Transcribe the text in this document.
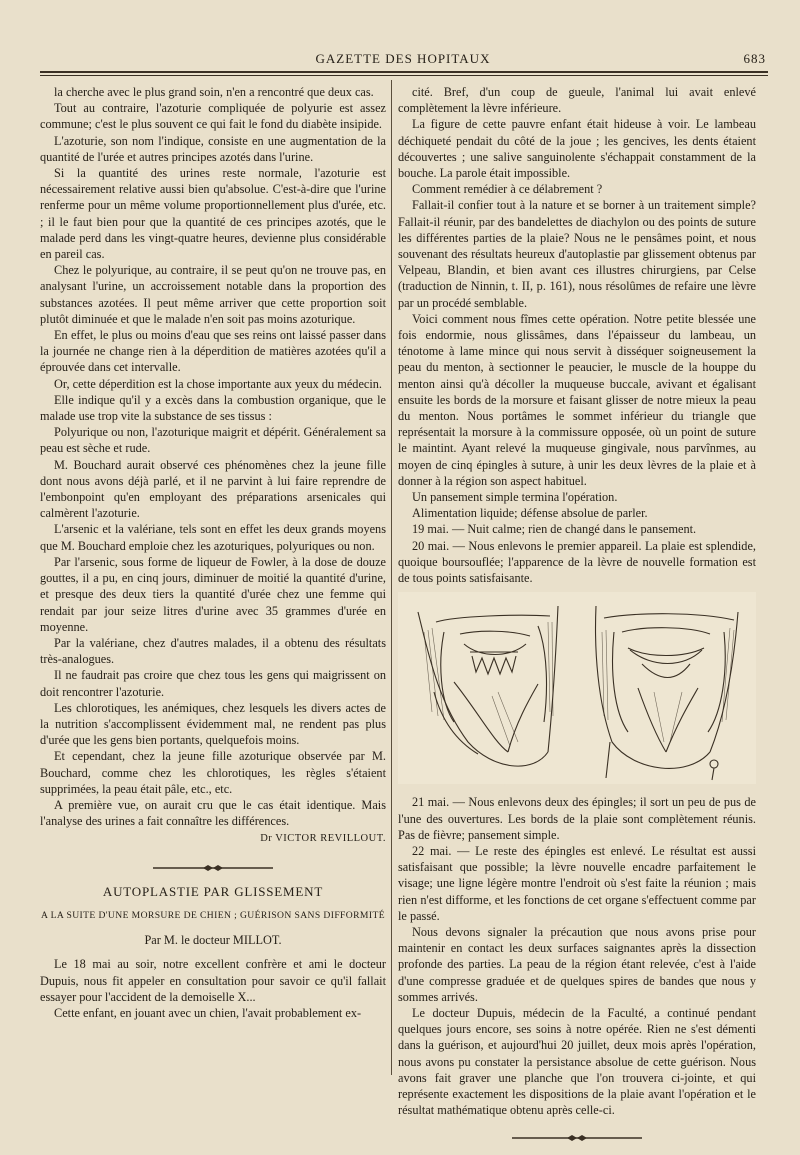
GAZETTE DES HOPITAUX	683

la cherche avec le plus grand soin, n'en a rencontré que deux cas.

Tout au contraire, l'azoturie compliquée de polyurie est assez commune; c'est le plus souvent ce qui fait le fond du diabète insipide.

L'azoturie, son nom l'indique, consiste en une augmentation de la quantité de l'urée et autres principes azotés dans l'urine.

Si la quantité des urines reste normale, l'azoturie est nécessairement relative aussi bien qu'absolue. C'est-à-dire que l'urine renferme pour un même volume proportionnellement plus d'urée, etc. ; il le faut bien pour que la quantité de ces principes azotés, que le malade perd dans les vingt-quatre heures, devienne plus considérable en pareil cas.

Chez le polyurique, au contraire, il se peut qu'on ne trouve pas, en analysant l'urine, un accroissement notable dans la proportion des substances azotées. Il peut même arriver que cette proportion soit plutôt diminuée et que le malade n'en soit pas moins azoturique.

En effet, le plus ou moins d'eau que ses reins ont laissé passer dans la journée ne change rien à la déperdition de matières azotées qu'il a éprouvée dans cet intervalle.

Or, cette déperdition est la chose importante aux yeux du médecin.

Elle indique qu'il y a excès dans la combustion organique, que le malade use trop vite la substance de ses tissus :

Polyurique ou non, l'azoturique maigrit et dépérit. Généralement sa peau est sèche et rude.

M. Bouchard aurait observé ces phénomènes chez la jeune fille dont nous avons déjà parlé, et il ne parvint à lui faire reprendre de l'embonpoint qu'en employant des préparations arsenicales qui calmèrent l'azoturie.

L'arsenic et la valériane, tels sont en effet les deux grands moyens que M. Bouchard emploie chez les azoturiques, polyuriques ou non.

Par l'arsenic, sous forme de liqueur de Fowler, à la dose de douze gouttes, il a pu, en cinq jours, diminuer de moitié la quantité d'urine, et presque des deux tiers la quantité d'urée chez une femme qui rendait par jour seize litres d'urine avec 35 grammes d'urée en moyenne.

Par la valériane, chez d'autres malades, il a obtenu des résultats très-analogues.

Il ne faudrait pas croire que chez tous les gens qui maigrissent on doit rencontrer l'azoturie.

Les chlorotiques, les anémiques, chez lesquels les divers actes de la nutrition s'accomplissent évidemment mal, ne rendent pas plus d'urée que les gens bien portants, quelquefois moins.

Et cependant, chez la jeune fille azoturique observée par M. Bouchard, comme chez les chlorotiques, les règles s'étaient supprimées, la peau était pâle, etc., etc.

A première vue, on aurait cru que le cas était identique. Mais l'analyse des urines a fait connaître les différences.

Dr VICTOR REVILLOUT.

AUTOPLASTIE PAR GLISSEMENT

A LA SUITE D'UNE MORSURE DE CHIEN ; GUÉRISON SANS DIFFORMITÉ

Par M. le docteur MILLOT.

Le 18 mai au soir, notre excellent confrère et ami le docteur Dupuis, nous fit appeler en consultation pour savoir ce qu'il fallait essayer pour l'accident de la demoiselle X...

Cette enfant, en jouant avec un chien, l'avait probablement ex-

cité. Bref, d'un coup de gueule, l'animal lui avait enlevé complètement la lèvre inférieure.

La figure de cette pauvre enfant était hideuse à voir. Le lambeau déchiqueté pendait du côté de la joue ; les gencives, les dents étaient découvertes ; une salive sanguinolente s'échappait constamment de la bouche. La parole était impossible.

Comment remédier à ce délabrement ?

Fallait-il confier tout à la nature et se borner à un traitement simple? Fallait-il réunir, par des bandelettes de diachylon ou des points de suture les différentes parties de la plaie? Nous ne le pensâmes point, et nous souvenant des résultats heureux d'autoplastie par glissement obtenus par Velpeau, Blandin, et bien avant ces illustres chirurgiens, par Celse (traduction de Ninnin, t. II, p. 161), nous résolûmes de refaire une lèvre par un procédé semblable.

Voici comment nous fîmes cette opération. Notre petite blessée une fois endormie, nous glissâmes, dans l'épaisseur du lambeau, un ténotome à lame mince qui nous servit à disséquer soigneusement la peau du menton, à sectionner le peaucier, le muscle de la houppe du menton ainsi qu'à décoller la muqueuse buccale, avivant et égalisant ensuite les bords de la morsure et faisant glisser de notre mieux la peau du menton. Nous portâmes le sommet inférieur du triangle que représentait la morsure à la commissure opposée, où un point de suture le maintint. Ayant relevé la muqueuse gingivale, nous parvînmes, au moyen de cinq épingles à suture, à unir les deux lèvres de la plaie et à donner à la région son aspect habituel.

Un pansement simple termina l'opération.

Alimentation liquide; défense absolue de parler.

19 mai. — Nuit calme; rien de changé dans le pansement.

20 mai. — Nous enlevons le premier appareil. La plaie est splendide, quoique boursouflée; l'apparence de la lèvre de nouvelle formation est de tous points satisfaisante.

21 mai. — Nous enlevons deux des épingles; il sort un peu de pus de l'une des ouvertures. Les bords de la plaie sont complètement réunis. Pas de fièvre; pansement simple.

22 mai. — Le reste des épingles est enlevé. Le résultat est aussi satisfaisant que possible; la lèvre nouvelle encadre parfaitement le visage; une ligne légère montre l'endroit où s'est faite la réunion ; mais rien n'est difforme, et les fonctions de cet organe s'effectuent comme par le passé.

Nous devons signaler la précaution que nous avons prise pour maintenir en contact les deux surfaces saignantes après la dissection profonde des parties. La peau de la région étant relevée, c'est à l'aide d'une compresse graduée et de quelques spires de bandes que nous y sommes arrivés.

Le docteur Dupuis, médecin de la Faculté, a continué pendant quelques jours encore, ses soins à notre opérée. Rien ne s'est démenti dans la guérison, et aujourd'hui 20 juillet, deux mois après l'opération, nous avons pu constater la persistance absolue de cette guérison. Nous avons fait graver une planche que l'on trouvera ci-jointe, et qui représente exactement les dispositions de la plaie avant l'opération et le résultat mathématique obtenu après celle-ci.
